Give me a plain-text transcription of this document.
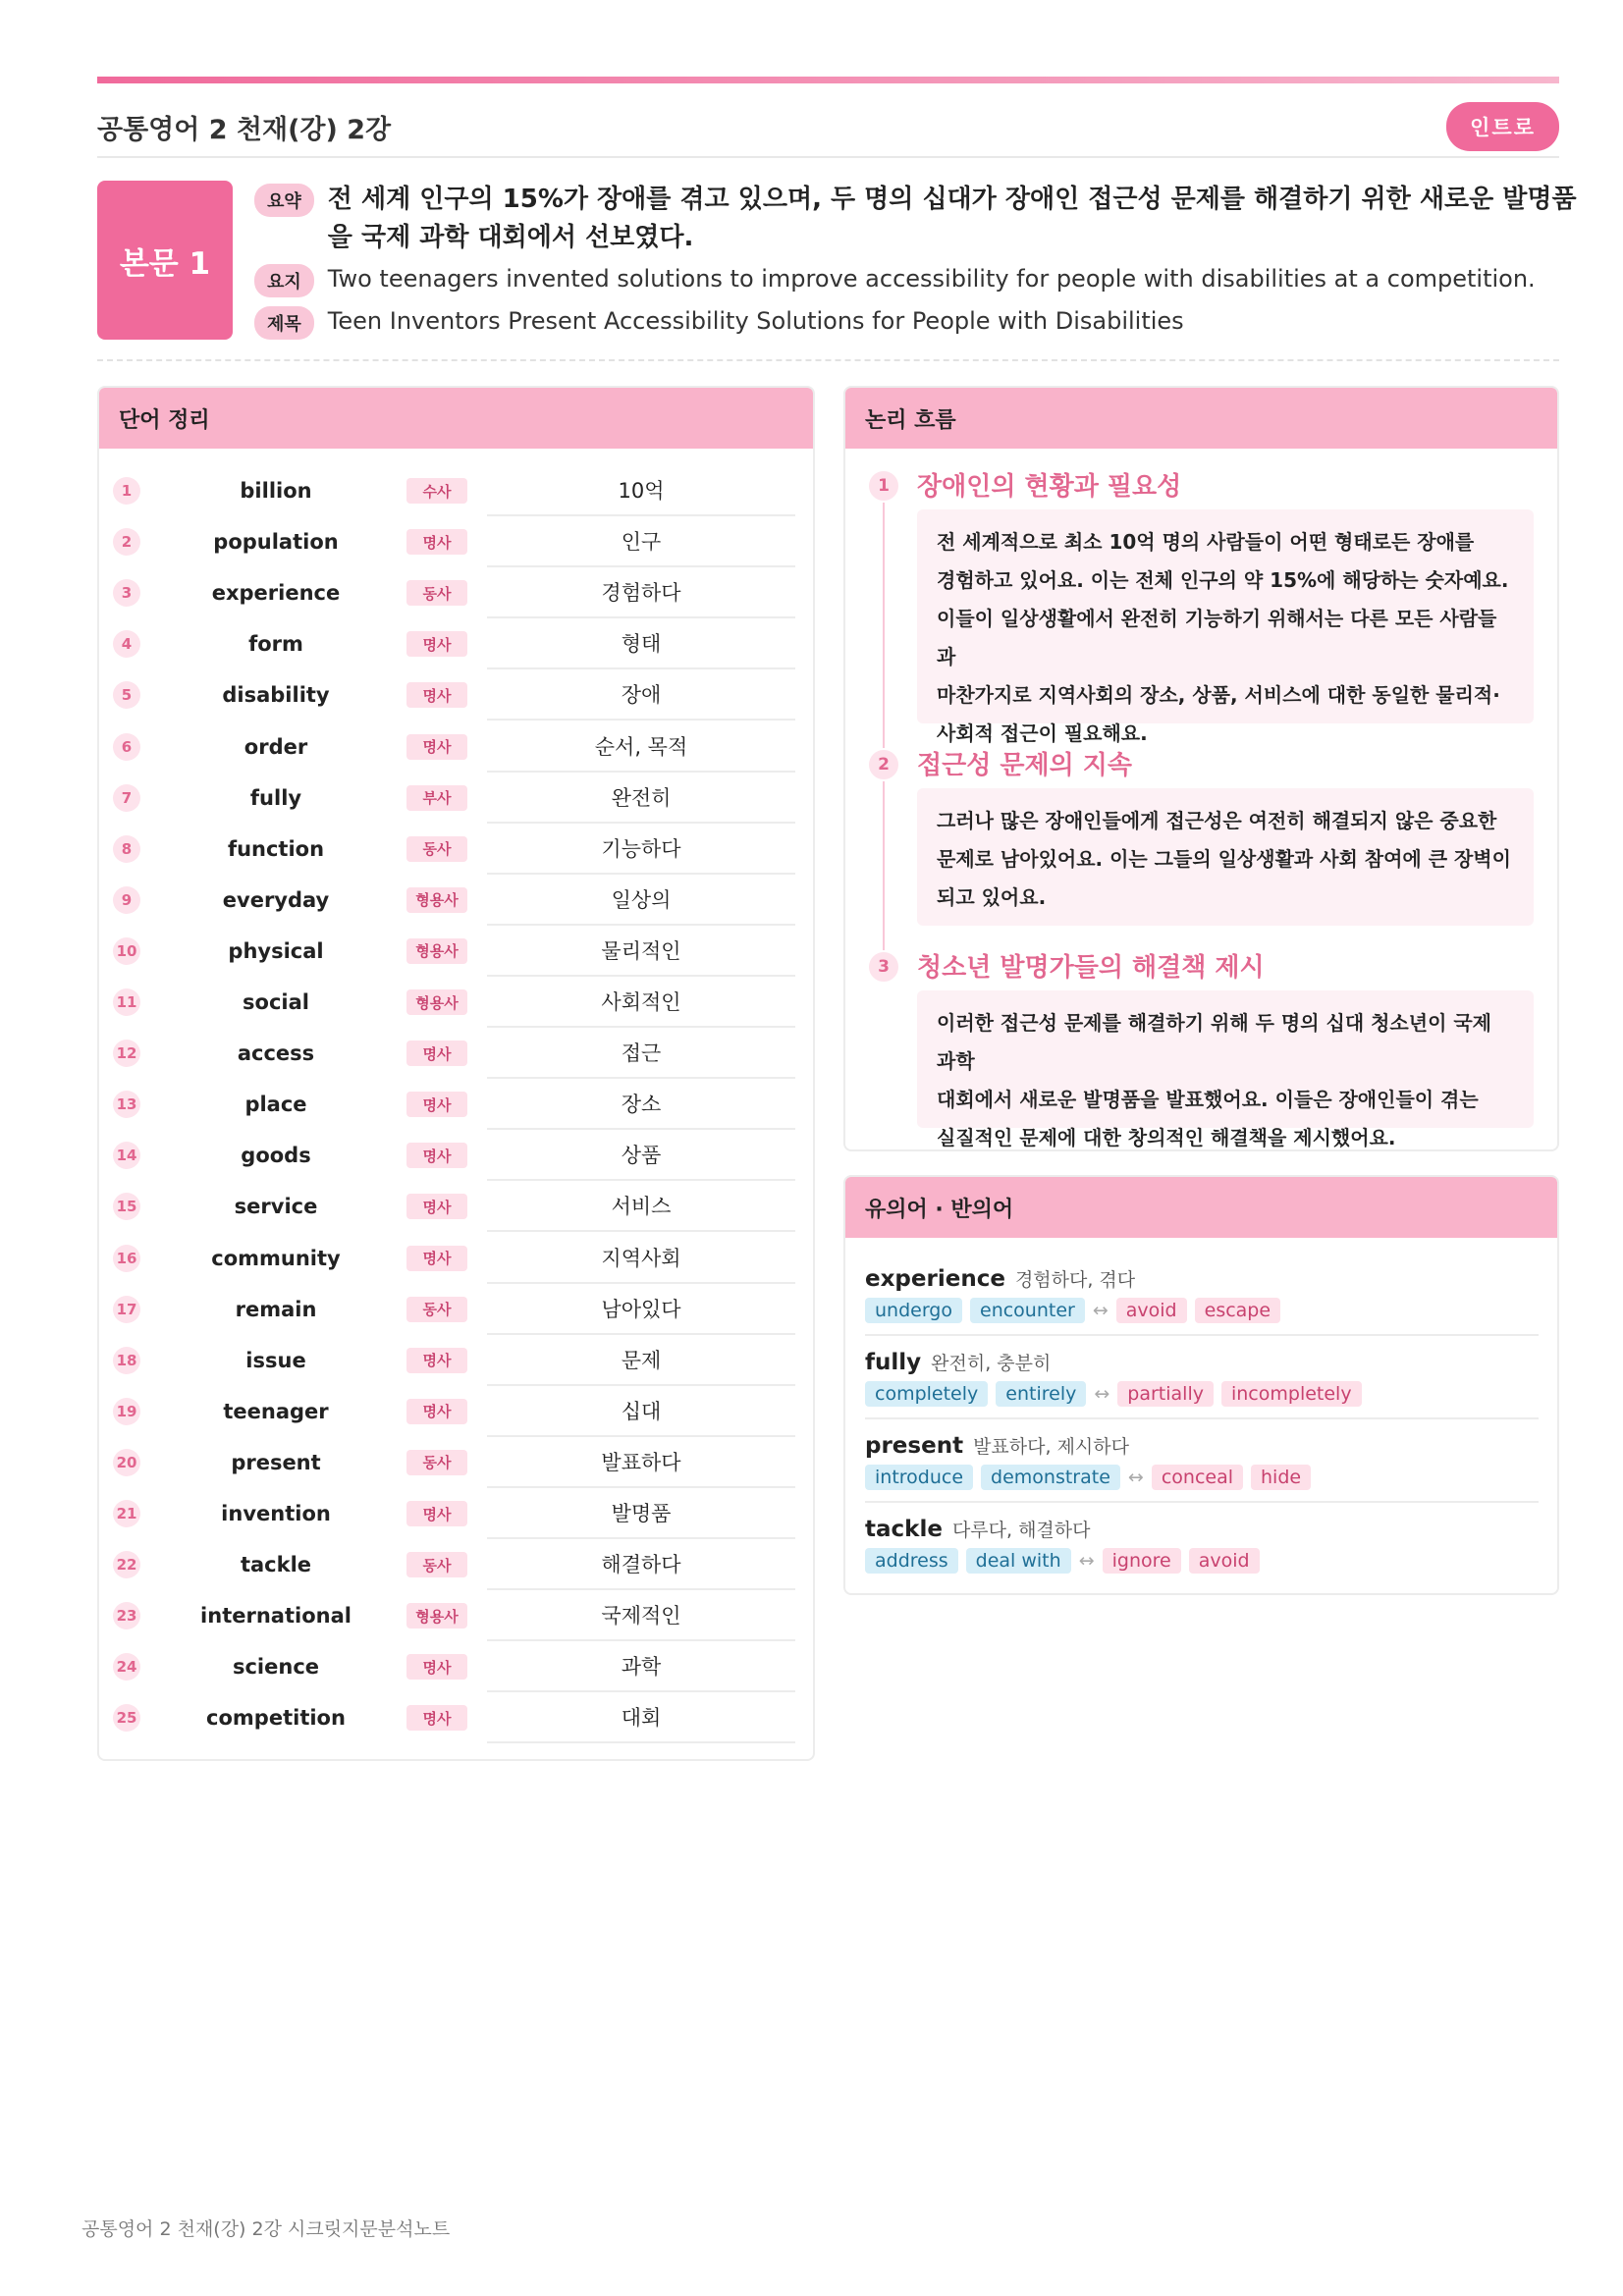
공통영어 2 천재(강) 2강	인트로
본문 1
요약	전 세계 인구의 15%가 장애를 겪고 있으며, 두 명의 십대가 장애인 접근성 문제를 해결하기 위한 새로운 발명품을 국제 과학 대회에서 선보였다.
요지	Two teenagers invented solutions to improve accessibility for people with disabilities at a competition.
제목	Teen Inventors Present Accessibility Solutions for People with Disabilities
단어 정리
1	billion	수사	10억
2	population	명사	인구
3	experience	동사	경험하다
4	form	명사	형태
5	disability	명사	장애
6	order	명사	순서, 목적
7	fully	부사	완전히
8	function	동사	기능하다
9	everyday	형용사	일상의
10	physical	형용사	물리적인
11	social	형용사	사회적인
12	access	명사	접근
13	place	명사	장소
14	goods	명사	상품
15	service	명사	서비스
16	community	명사	지역사회
17	remain	동사	남아있다
18	issue	명사	문제
19	teenager	명사	십대
20	present	동사	발표하다
21	invention	명사	발명품
22	tackle	동사	해결하다
23	international	형용사	국제적인
24	science	명사	과학
25	competition	명사	대회
논리 흐름
1	장애인의 현황과 필요성
전 세계적으로 최소 10억 명의 사람들이 어떤 형태로든 장애를
경험하고 있어요. 이는 전체 인구의 약 15%에 해당하는 숫자예요.
이들이 일상생활에서 완전히 기능하기 위해서는 다른 모든 사람들과
마찬가지로 지역사회의 장소, 상품, 서비스에 대한 동일한 물리적·
사회적 접근이 필요해요.
2	접근성 문제의 지속
그러나 많은 장애인들에게 접근성은 여전히 해결되지 않은 중요한
문제로 남아있어요. 이는 그들의 일상생활과 사회 참여에 큰 장벽이
되고 있어요.
3	청소년 발명가들의 해결책 제시
이러한 접근성 문제를 해결하기 위해 두 명의 십대 청소년이 국제 과학
대회에서 새로운 발명품을 발표했어요. 이들은 장애인들이 겪는
실질적인 문제에 대한 창의적인 해결책을 제시했어요.
유의어 · 반의어
experience 경험하다, 겪다
undergo	encounter ↔ avoid	escape
fully 완전히, 충분히
completely	entirely ↔ partially	incompletely
present 발표하다, 제시하다
introduce	demonstrate ↔ conceal	hide
tackle 다루다, 해결하다
address	deal with ↔ ignore	avoid
공통영어 2 천재(강) 2강 시크릿지문분석노트
